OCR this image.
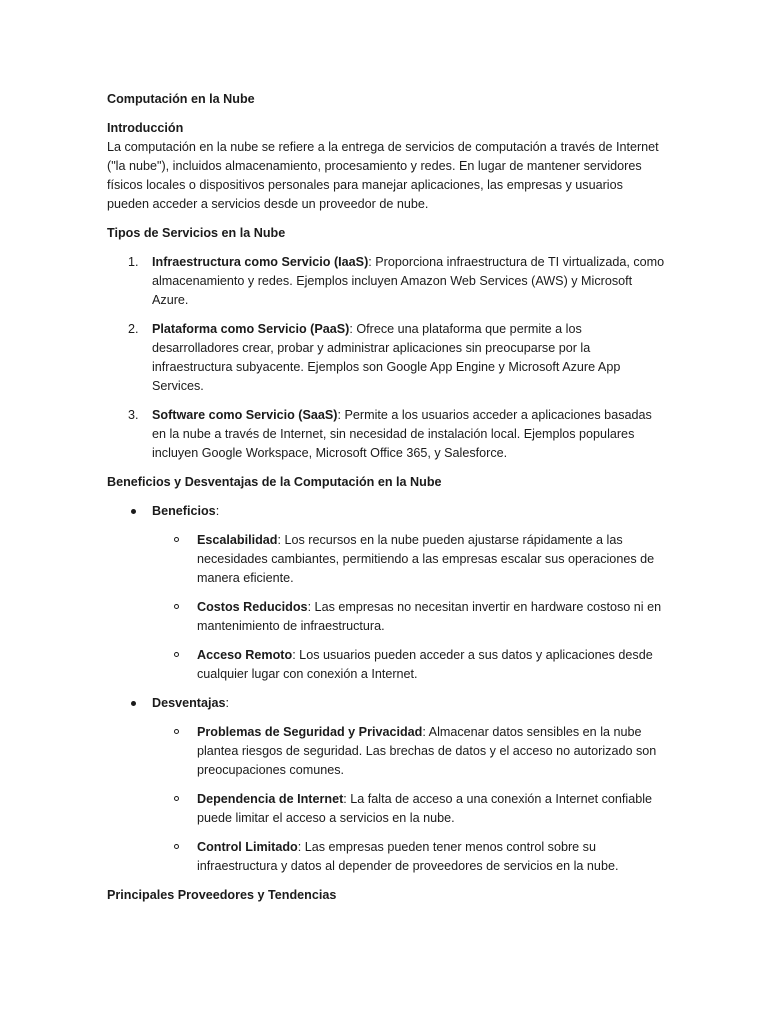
Computación en la Nube
Introducción

La computación en la nube se refiere a la entrega de servicios de computación a través de Internet ("la nube"), incluidos almacenamiento, procesamiento y redes. En lugar de mantener servidores físicos locales o dispositivos personales para manejar aplicaciones, las empresas y usuarios pueden acceder a servicios desde un proveedor de nube.

Tipos de Servicios en la Nube
1. Infraestructura como Servicio (IaaS): Proporciona infraestructura de TI virtualizada, como almacenamiento y redes. Ejemplos incluyen Amazon Web Services (AWS) y Microsoft Azure.
2. Plataforma como Servicio (PaaS): Ofrece una plataforma que permite a los desarrolladores crear, probar y administrar aplicaciones sin preocuparse por la infraestructura subyacente. Ejemplos son Google App Engine y Microsoft Azure App Services.
3. Software como Servicio (SaaS): Permite a los usuarios acceder a aplicaciones basadas en la nube a través de Internet, sin necesidad de instalación local. Ejemplos populares incluyen Google Workspace, Microsoft Office 365, y Salesforce.
Beneficios y Desventajas de la Computación en la Nube
Beneficios:
Escalabilidad: Los recursos en la nube pueden ajustarse rápidamente a las necesidades cambiantes, permitiendo a las empresas escalar sus operaciones de manera eficiente.
Costos Reducidos: Las empresas no necesitan invertir en hardware costoso ni en mantenimiento de infraestructura.
Acceso Remoto: Los usuarios pueden acceder a sus datos y aplicaciones desde cualquier lugar con conexión a Internet.
Desventajas:
Problemas de Seguridad y Privacidad: Almacenar datos sensibles en la nube plantea riesgos de seguridad. Las brechas de datos y el acceso no autorizado son preocupaciones comunes.
Dependencia de Internet: La falta de acceso a una conexión a Internet confiable puede limitar el acceso a servicios en la nube.
Control Limitado: Las empresas pueden tener menos control sobre su infraestructura y datos al depender de proveedores de servicios en la nube.
Principales Proveedores y Tendencias
